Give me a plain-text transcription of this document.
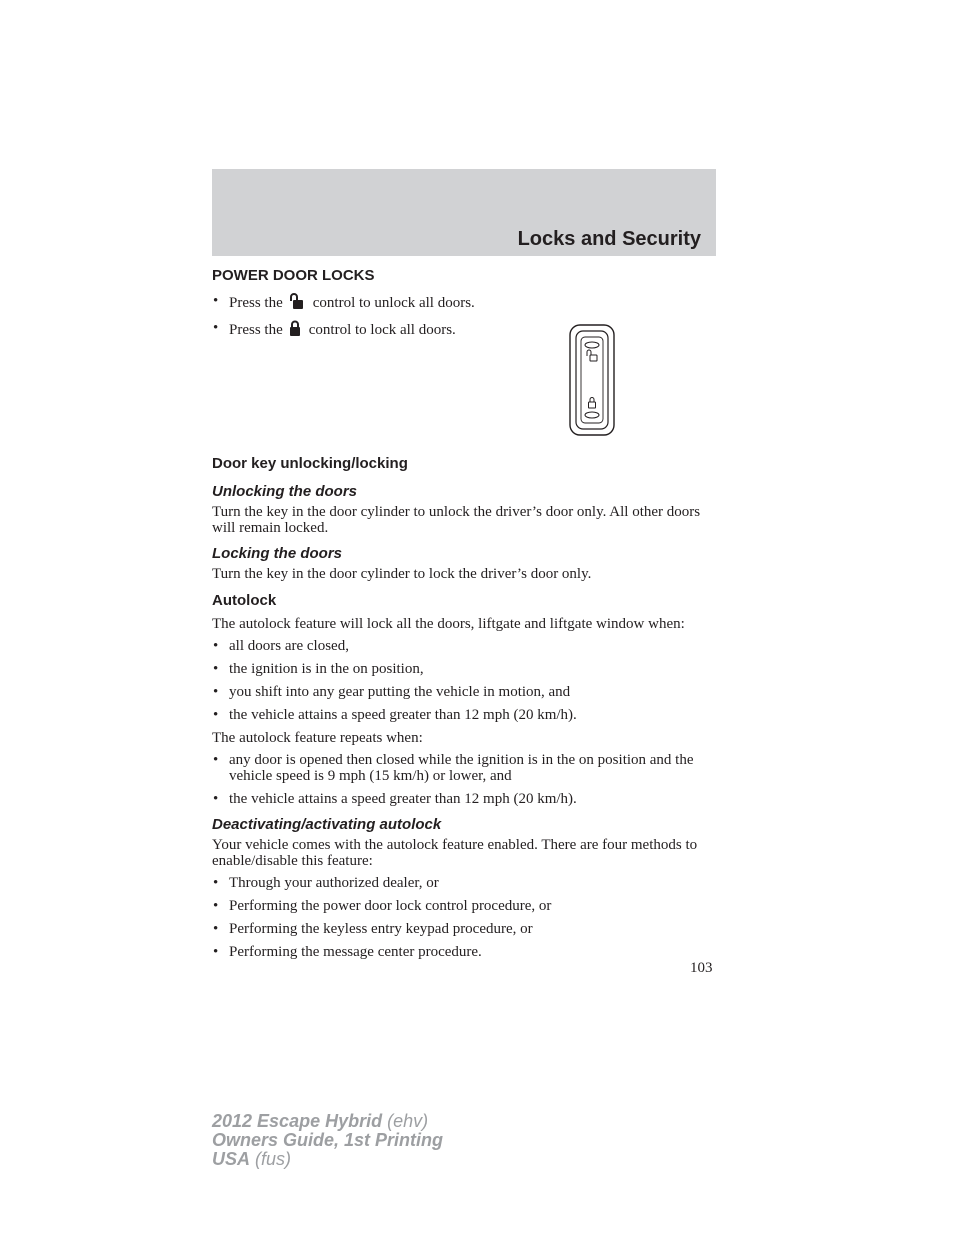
Locks and Security
POWER DOOR LOCKS
• Press the control to unlock all doors.
• Press the control to lock all doors.
Door key unlocking/locking
Unlocking the doors

Turn the key in the door cylinder to unlock the driver’s door only. All other doors will remain locked.

Locking the doors

Turn the key in the door cylinder to lock the driver’s door only.

Autolock

The autolock feature will lock all the doors, liftgate and liftgate window when:

• all doors are closed,
• the ignition is in the on position,
• you shift into any gear putting the vehicle in motion, and
• the vehicle attains a speed greater than 12 mph (20 km/h).

The autolock feature repeats when:

• any door is opened then closed while the ignition is in the on position and the vehicle speed is 9 mph (15 km/h) or lower, and
• the vehicle attains a speed greater than 12 mph (20 km/h).
Deactivating/activating autolock

Your vehicle comes with the autolock feature enabled. There are four methods to enable/disable this feature:

• Through your authorized dealer, or
• Performing the power door lock control procedure, or
• Performing the keyless entry keypad procedure, or
• Performing the message center procedure.
103
2012 Escape Hybrid (ehv)
Owners Guide, 1st Printing
USA (fus)
